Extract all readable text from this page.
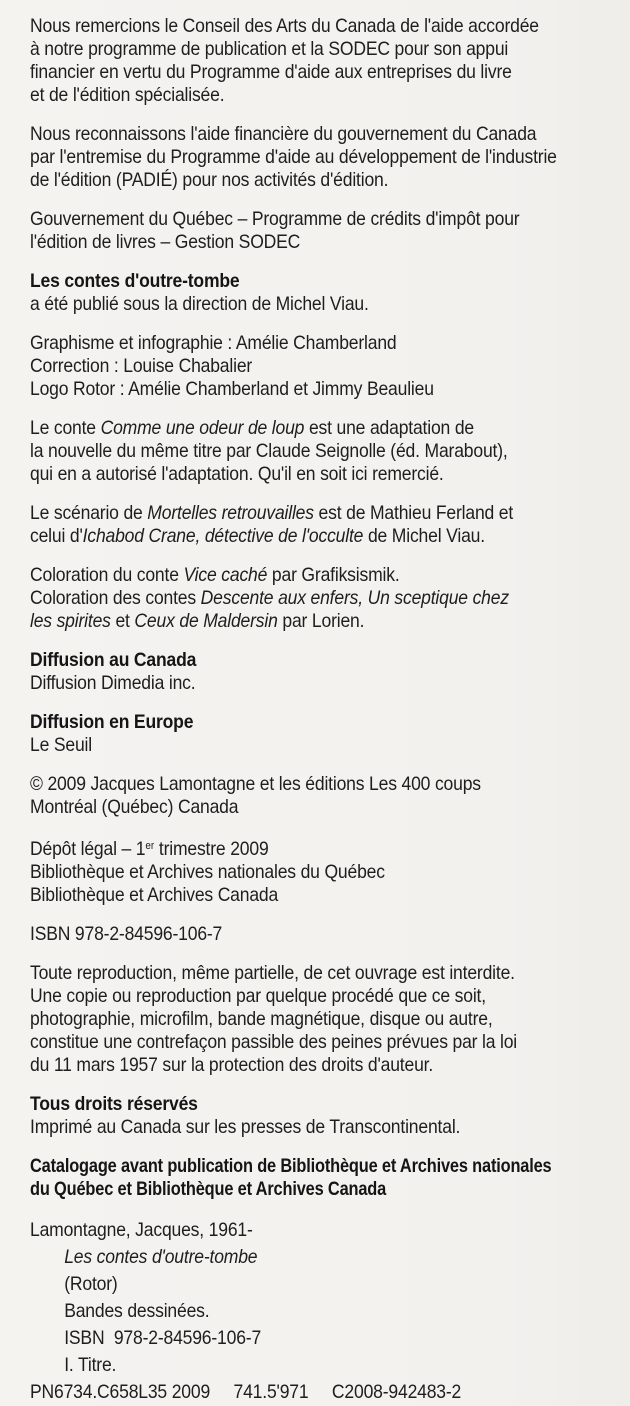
Nous remercions le Conseil des Arts du Canada de l'aide accordée
à notre programme de publication et la SODEC pour son appui
financier en vertu du Programme d'aide aux entreprises du livre
et de l'édition spécialisée.
Nous reconnaissons l'aide financière du gouvernement du Canada
par l'entremise du Programme d'aide au développement de l'industrie
de l'édition (PADIÉ) pour nos activités d'édition.
Gouvernement du Québec – Programme de crédits d'impôt pour
l'édition de livres – Gestion SODEC
Les contes d'outre-tombe
a été publié sous la direction de Michel Viau.
Graphisme et infographie : Amélie Chamberland
Correction : Louise Chabalier
Logo Rotor : Amélie Chamberland et Jimmy Beaulieu
Le conte Comme une odeur de loup est une adaptation de
la nouvelle du même titre par Claude Seignolle (éd. Marabout),
qui en a autorisé l'adaptation. Qu'il en soit ici remercié.
Le scénario de Mortelles retrouvailles est de Mathieu Ferland et
celui d'Ichabod Crane, détective de l'occulte de Michel Viau.
Coloration du conte Vice caché par Grafiksismik.
Coloration des contes Descente aux enfers, Un sceptique chez
les spirites et Ceux de Maldersin par Lorien.
Diffusion au Canada
Diffusion Dimedia inc.
Diffusion en Europe
Le Seuil
© 2009 Jacques Lamontagne et les éditions Les 400 coups
Montréal (Québec) Canada
Dépôt légal – 1er trimestre 2009
Bibliothèque et Archives nationales du Québec
Bibliothèque et Archives Canada
ISBN 978-2-84596-106-7
Toute reproduction, même partielle, de cet ouvrage est interdite.
Une copie ou reproduction par quelque procédé que ce soit,
photographie, microfilm, bande magnétique, disque ou autre,
constitue une contrefaçon passible des peines prévues par la loi
du 11 mars 1957 sur la protection des droits d'auteur.
Tous droits réservés
Imprimé au Canada sur les presses de Transcontinental.
Catalogage avant publication de Bibliothèque et Archives nationales
du Québec et Bibliothèque et Archives Canada
Lamontagne, Jacques, 1961-
Les contes d'outre-tombe
(Rotor)
Bandes dessinées.
ISBN  978-2-84596-106-7
I. Titre.
PN6734.C658L35 2009     741.5'971     C2008-942483-2
